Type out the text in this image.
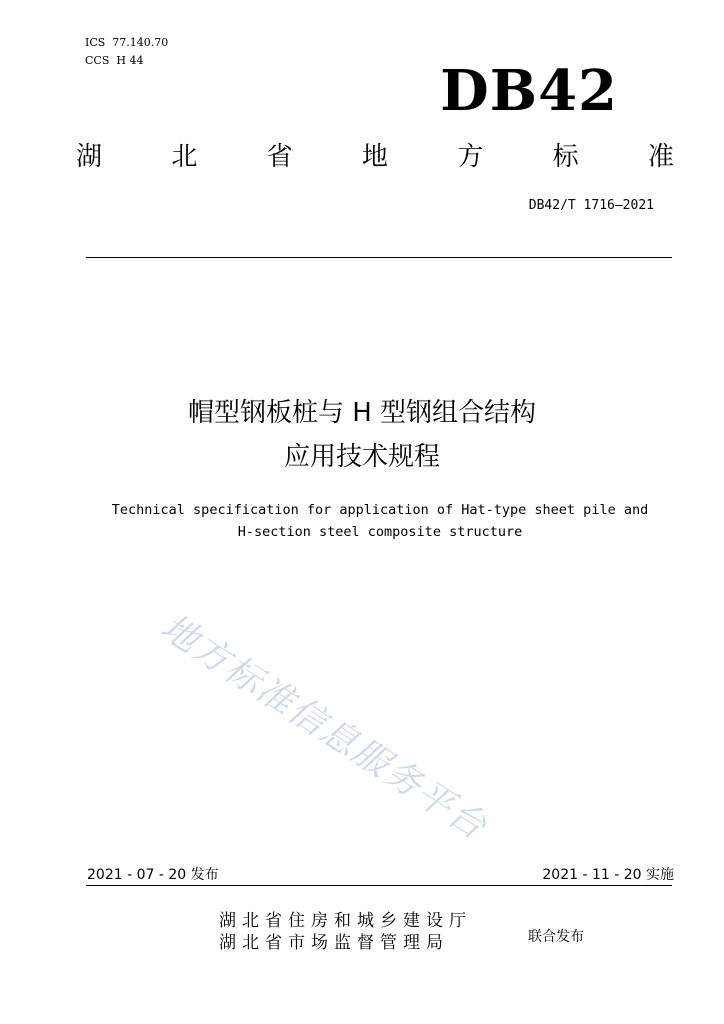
ICS  77.140.70
CCS  H 44	DB42
湖	北	省	地	方	标	准
DB42/T 1716—2021
帽型钢板桩与 H 型钢组合结构
应用技术规程
Technical specification for application of Hat-type sheet pile and
H-section steel composite structure
地方标准信息服务平台
2021 - 07 - 20 发布	2021 - 11 - 20 实施
湖北省住房和城乡建设厅
湖北省市场监督管理局	联合发布
